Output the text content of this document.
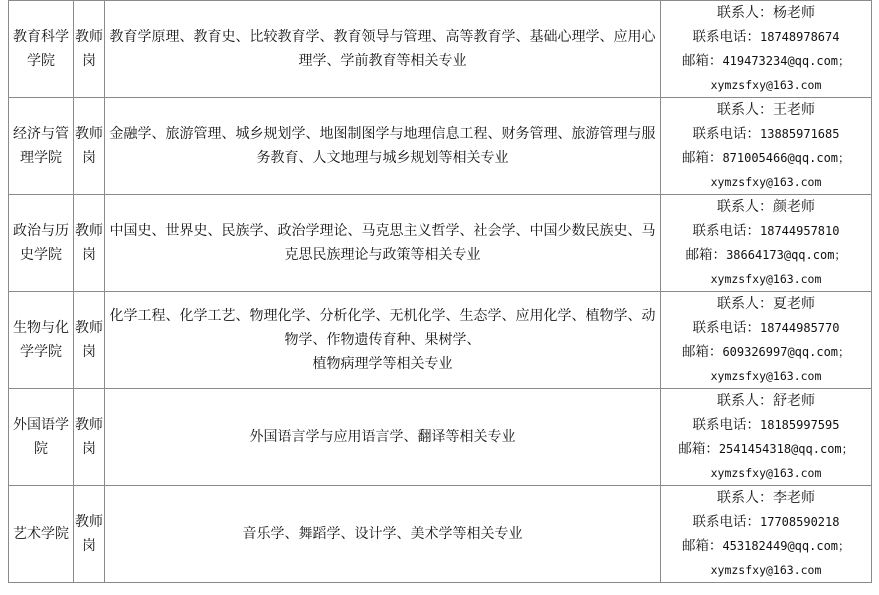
教育科学学院	教师岗	教育学原理、教育史、比较教育学、教育领导与管理、高等教育学、基础心理学、应用心理学、学前教育等相关专业	联系人：杨老师
联系电话：18748978674
邮箱：419473234@qq.com；
xymzsfxy@163.com

经济与管理学院	教师岗	金融学、旅游管理、城乡规划学、地图制图学与地理信息工程、财务管理、旅游管理与服务教育、人文地理与城乡规划等相关专业	联系人：王老师
联系电话：13885971685
邮箱：871005466@qq.com；
xymzsfxy@163.com

政治与历史学院	教师岗	中国史、世界史、民族学、政治学理论、马克思主义哲学、社会学、中国少数民族史、马克思民族理论与政策等相关专业	联系人：颜老师
联系电话：18744957810
邮箱：38664173@qq.com；
xymzsfxy@163.com

生物与化学学院	教师岗	化学工程、化学工艺、物理化学、分析化学、无机化学、生态学、应用化学、植物学、动物学、作物遗传育种、果树学、
植物病理学等相关专业	联系人：夏老师
联系电话：18744985770
邮箱：609326997@qq.com；
xymzsfxy@163.com

外国语学院	教师岗	外国语言学与应用语言学、翻译等相关专业	联系人：舒老师
联系电话：18185997595
邮箱：2541454318@qq.com；
xymzsfxy@163.com

艺术学院	教师岗	音乐学、舞蹈学、设计学、美术学等相关专业	联系人：李老师
联系电话：17708590218
邮箱：453182449@qq.com；
xymzsfxy@163.com
